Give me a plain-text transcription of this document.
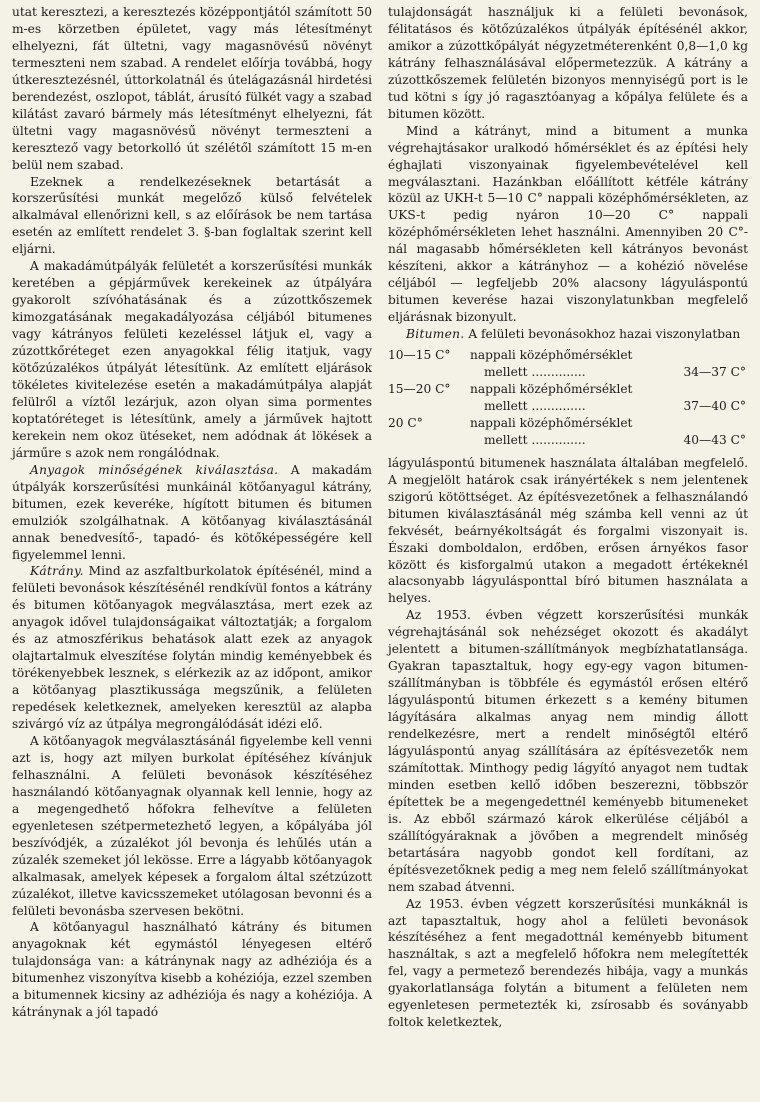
utat keresztezi, a keresztezés középpontjától számított 50 m-es körzetben épületet, vagy más létesítményt elhelyezni, fát ültetni, vagy magasnövésű növényt termeszteni nem szabad. A rendelet előírja továbbá, hogy útkeresztezésnél, úttorkolatnál és útelágazásnál hirdetési berendezést, oszlopot, táblát, árusító fülkét vagy a szabad kilátást zavaró bármely más létesítményt elhelyezni, fát ültetni vagy magasnövésű növényt termeszteni a keresztező vagy betorkolló út szélétől számított 15 m-en belül nem szabad.

Ezeknek a rendelkezéseknek betartását a korszerűsítési munkát megelőző külső felvételek alkalmával ellenőrizni kell, s az előírások be nem tartása esetén az említett rendelet 3. §-ban foglaltak szerint kell eljárni.

A makadámútpályák felületét a korszerűsítési munkák keretében a gépjárművek kerekeinek az útpályára gyakorolt szívóhatásának és a zúzottkőszemek kimozgatásának megakadályozása céljából bitumenes vagy kátrányos felületi kezeléssel látjuk el, vagy a zúzottkőréteget ezen anyagokkal félig itatjuk, vagy kötőzúzalékos útpályát létesítünk. Az említett eljárások tökéletes kivitelezése esetén a makadámútpálya alapját felülről a víztől lezárjuk, azon olyan sima pormentes koptatóréteget is létesítünk, amely a járművek hajtott kerekein nem okoz ütéseket, nem adódnak át lökések a járműre s azok nem rongálódnak.

Anyagok minőségének kiválasztása. A makadám útpályák korszerűsítési munkáinál kötőanyagul kátrány, bitumen, ezek keveréke, hígított bitumen és bitumen emulziók szolgálhatnak. A kötőanyag kiválasztásánál annak benedvesítő-, tapadó- és kötőképességére kell figyelemmel lenni.

Kátrány. Mind az aszfaltburkolatok építésénél, mind a felületi bevonások készítésénél rendkívül fontos a kátrány és bitumen kötőanyagok megválasztása, mert ezek az anyagok idővel tulajdonságaikat változtatják; a forgalom és az atmoszférikus behatások alatt ezek az anyagok olajtartalmuk elveszítése folytán mindig keményebbek és törékenyebbek lesznek, s elérkezik az az időpont, amikor a kötőanyag plasztikussága megszűnik, a felületen repedések keletkeznek, amelyeken keresztül az alapba szivárgó víz az útpálya megrongálódását idézi elő.

A kötőanyagok megválasztásánál figyelembe kell venni azt is, hogy azt milyen burkolat építéséhez kívánjuk felhasználni. A felületi bevonások készítéséhez használandó kötőanyagnak olyannak kell lennie, hogy az a megengedhető hőfokra felhevítve a felületen egyenletesen szétpermetezhető legyen, a kőpályába jól beszívódjék, a zúzalékot jól bevonja és lehűlés után a zúzalék szemeket jól lekösse. Erre a lágyabb kötőanyagok alkalmasak, amelyek képesek a forgalom által szétzúzott zúzalékot, illetve kavicsszemeket utólagosan bevonni és a felületi bevonásba szervesen bekötni.

A kötőanyagul használható kátrány és bitumen anyagoknak két egymástól lényegesen eltérő tulajdonsága van: a kátránynak nagy az adhéziója és a bitumenhez viszonyítva kisebb a kohéziója, ezzel szemben a bitumennek kicsiny az adhéziója és nagy a kohéziója. A kátránynak a jól tapadó

tulajdonságát használjuk ki a felületi bevonások, félitatásos és kötőzúzalékos útpályák építésénél akkor, amikor a zúzottkőpályát négyzetméterenként 0,8—1,0 kg kátrány felhasználásával előpermetezzük. A kátrány a zúzottkőszemek felületén bizonyos mennyiségű port is le tud kötni s így jó ragasztóanyag a kőpálya felülete és a bitumen között.

Mind a kátrányt, mind a bitument a munka végrehajtásakor uralkodó hőmérséklet és az építési hely éghajlati viszonyainak figyelembevételével kell megválasztani. Hazánkban előállított kétféle kátrány közül az UKH-t 5—10 C° nappali középhőmérsékleten, az UKS-t pedig nyáron 10—20 C° nappali középhőmérsékleten lehet használni. Amennyiben 20 C°-nál magasabb hőmérsékleten kell kátrányos bevonást készíteni, akkor a kátrányhoz — a kohézió növelése céljából — legfeljebb 20% alacsony lágyuláspontú bitumen keverése hazai viszonylatunkban megfelelő eljárásnak bizonyult.

Bitumen. A felületi bevonásokhoz hazai viszonylatban

10—15 C°	nappali középhőmérséklet
mellett ..............	34—37 C°
15—20 C°	nappali középhőmérséklet
mellett ..............	37—40 C°
20 C°	nappali középhőmérséklet
mellett ..............	40—43 C°

lágyuláspontú bitumenek használata általában megfelelő. A megjelölt határok csak irányértékek s nem jelentenek szigorú kötöttséget. Az építésvezetőnek a felhasználandó bitumen kiválasztásánál még számba kell venni az út fekvését, beárnyékoltságát és forgalmi viszonyait is. Északi domboldalon, erdőben, erősen árnyékos fasor között és kisforgalmú utakon a megadott értékeknél alacsonyabb lágyulásponttal bíró bitumen használata a helyes.

Az 1953. évben végzett korszerűsítési munkák végrehajtásánál sok nehézséget okozott és akadályt jelentett a bitumen-szállítmányok megbízhatatlansága. Gyakran tapasztaltuk, hogy egy-egy vagon bitumen-szállítmányban is többféle és egymástól erősen eltérő lágyuláspontú bitumen érkezett s a kemény bitumen lágyítására alkalmas anyag nem mindig állott rendelkezésre, mert a rendelt minőségtől eltérő lágyuláspontú anyag szállítására az építésvezetők nem számítottak. Minthogy pedig lágyító anyagot nem tudtak minden esetben kellő időben beszerezni, többször építettek be a megengedettnél keményebb bitumeneket is. Az ebből származó károk elkerülése céljából a szállítógyáraknak a jövőben a megrendelt minőség betartására nagyobb gondot kell fordítani, az építésvezetőknek pedig a meg nem felelő szállítmányokat nem szabad átvenni.

Az 1953. évben végzett korszerűsítési munkáknál is azt tapasztaltuk, hogy ahol a felületi bevonások készítéséhez a fent megadottnál keményebb bitument használtak, s azt a megfelelő hőfokra nem melegítették fel, vagy a permetező berendezés hibája, vagy a munkás gyakorlatlansága folytán a bitument a felületen nem egyenletesen permetezték ki, zsírosabb és soványabb foltok keletkeztek,
